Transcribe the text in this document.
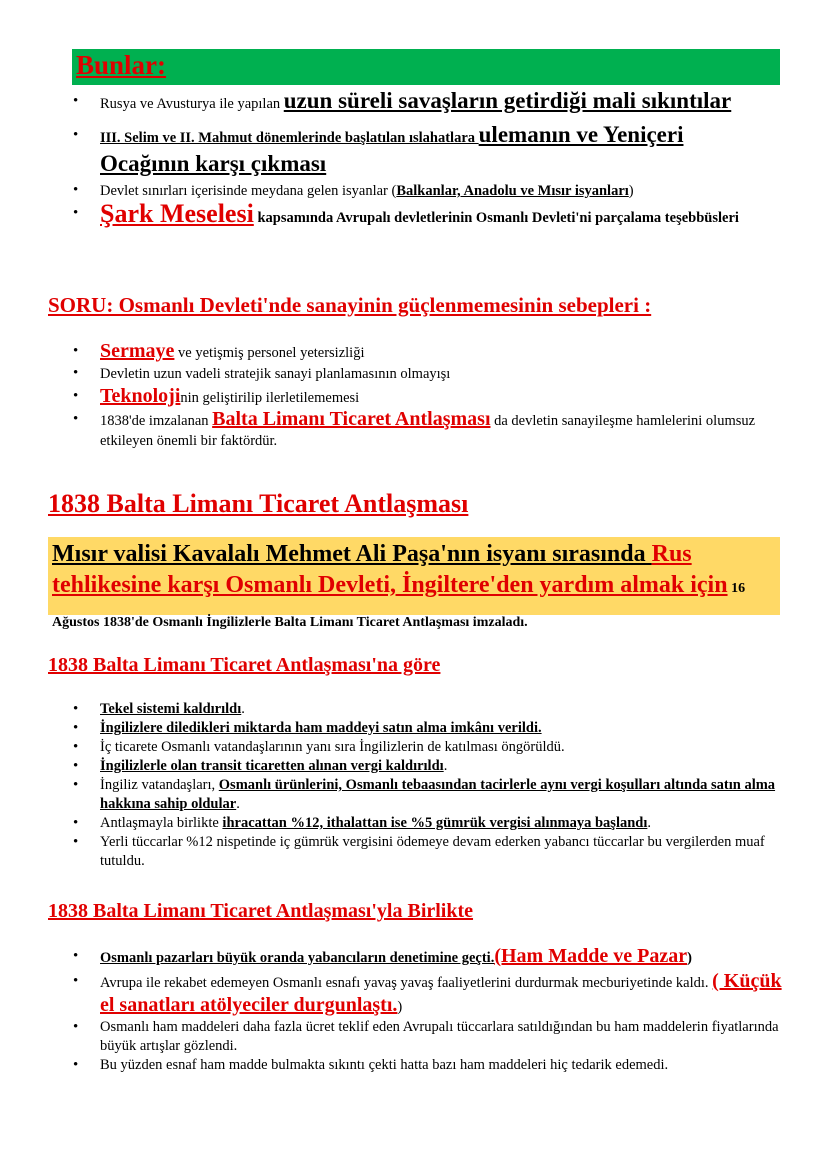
Bunlar:
• Rusya ve Avusturya ile yapılan uzun süreli savaşların getirdiği mali sıkıntılar
• III. Selim ve II. Mahmut dönemlerinde başlatılan ıslahatlara ulemanın ve Yeniçeri Ocağının karşı çıkması
• Devlet sınırları içerisinde meydana gelen isyanlar (Balkanlar, Anadolu ve Mısır isyanları)
• Şark Meselesi kapsamında Avrupalı devletlerinin Osmanlı Devleti'ni parçalama teşebbüsleri
SORU: Osmanlı Devleti'nde sanayinin güçlenmemesinin sebepleri :
• Sermaye ve yetişmiş personel yetersizliği
• Devletin uzun vadeli stratejik sanayi planlamasının olmayışı
• Teknolojinin geliştirilip ilerletilememesi
• 1838'de imzalanan Balta Limanı Ticaret Antlaşması da devletin sanayileşme hamlelerini olumsuz etkileyen önemli bir faktördür.
1838 Balta Limanı Ticaret Antlaşması
Mısır valisi Kavalalı Mehmet Ali Paşa'nın isyanı sırasında Rus tehlikesine karşı Osmanlı Devleti, İngiltere'den yardım almak için 16 Ağustos 1838'de Osmanlı İngilizlerle Balta Limanı Ticaret Antlaşması imzaladı.
1838 Balta Limanı Ticaret Antlaşması'na göre
• Tekel sistemi kaldırıldı.
• İngilizlere diledikleri miktarda ham maddeyi satın alma imkânı verildi.
• İç ticarete Osmanlı vatandaşlarının yanı sıra İngilizlerin de katılması öngörüldü.
• İngilizlerle olan transit ticaretten alınan vergi kaldırıldı.
• İngiliz vatandaşları, Osmanlı ürünlerini, Osmanlı tebaasından tacirlerle aynı vergi koşulları altında satın alma hakkına sahip oldular.
• Antlaşmayla birlikte ihracattan %12, ithalattan ise %5 gümrük vergisi alınmaya başlandı.
• Yerli tüccarlar %12 nispetinde iç gümrük vergisini ödemeye devam ederken yabancı tüccarlar bu vergilerden muaf tutuldu.
1838 Balta Limanı Ticaret Antlaşması'yla Birlikte
• Osmanlı pazarları büyük oranda yabancıların denetimine geçti.(Ham Madde ve Pazar)
• Avrupa ile rekabet edemeyen Osmanlı esnafı yavaş yavaş faaliyetlerini durdurmak mecburiyetinde kaldı. ( Küçük el sanatları atölyeciler durgunlaştı.)
• Osmanlı ham maddeleri daha fazla ücret teklif eden Avrupalı tüccarlara satıldığından bu ham maddelerin fiyatlarında büyük artışlar gözlendi.
• Bu yüzden esnaf ham madde bulmakta sıkıntı çekti hatta bazı ham maddeleri hiç tedarik edemedi.
